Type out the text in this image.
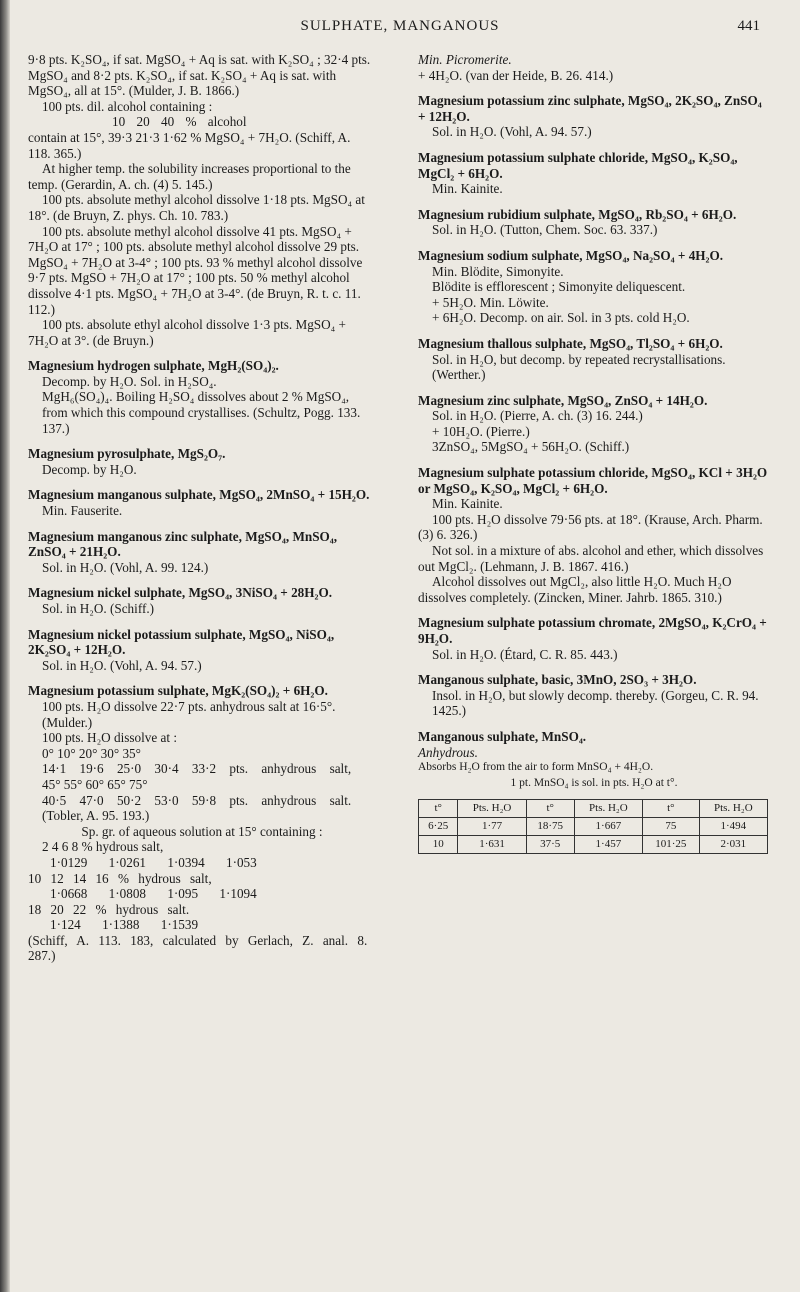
SULPHATE, MANGANOUS	441

9·8 pts. K₂SO₄, if sat. MgSO₄ + Aq is sat. with K₂SO₄ ; 32·4 pts. MgSO₄ and 8·2 pts. K₂SO₄, if sat. K₂SO₄ + Aq is sat. with MgSO₄, all at 15°. (Mulder, J. B. 1866.)

100 pts. dil. alcohol containing :

10 20 40 % alcohol

contain at 15°, 39·3 21·3 1·62 % MgSO₄ + 7H₂O. (Schiff, A. 118. 365.)

At higher temp. the solubility increases proportional to the temp. (Gerardin, A. ch. (4) 5. 145.)

100 pts. absolute methyl alcohol dissolve 1·18 pts. MgSO₄ at 18°. (de Bruyn, Z. phys. Ch. 10. 783.)

100 pts. absolute methyl alcohol dissolve 41 pts. MgSO₄ + 7H₂O at 17° ; 100 pts. absolute methyl alcohol dissolve 29 pts. MgSO₄ + 7H₂O at 3-4° ; 100 pts. 93 % methyl alcohol dissolve 9·7 pts. MgSO + 7H₂O at 17° ; 100 pts. 50 % methyl alcohol dissolve 4·1 pts. MgSO₄ + 7H₂O at 3-4°. (de Bruyn, R. t. c. 11. 112.)

100 pts. absolute ethyl alcohol dissolve 1·3 pts. MgSO₄ + 7H₂O at 3°. (de Bruyn.)

Magnesium hydrogen sulphate, MgH₂(SO₄)₂.

Decomp. by H₂O. Sol. in H₂SO₄.

MgH₆(SO₄)₄. Boiling H₂SO₄ dissolves about 2 % MgSO₄, from which this compound crystallises. (Schultz, Pogg. 133. 137.)

Magnesium pyrosulphate, MgS₂O₇.

Decomp. by H₂O.

Magnesium manganous sulphate, MgSO₄, 2MnSO₄ + 15H₂O.

Min. Fauserite.

Magnesium manganous zinc sulphate, MgSO₄, MnSO₄, ZnSO₄ + 21H₂O.

Sol. in H₂O. (Vohl, A. 99. 124.)

Magnesium nickel sulphate, MgSO₄, 3NiSO₄ + 28H₂O.

Sol. in H₂O. (Schiff.)

Magnesium nickel potassium sulphate, MgSO₄, NiSO₄, 2K₂SO₄ + 12H₂O.

Sol. in H₂O. (Vohl, A. 94. 57.)

Magnesium potassium sulphate, MgK₂(SO₄)₂ + 6H₂O.

100 pts. H₂O dissolve 22·7 pts. anhydrous salt at 16·5°. (Mulder.)

100 pts. H₂O dissolve at :

0° 10° 20° 30° 35°

14·1 19·6 25·0 30·4 33·2 pts. anhydrous salt,

45° 55° 60° 65° 75°

40·5 47·0 50·2 53·0 59·8 pts. anhydrous salt.

(Tobler, A. 95. 193.)

Sp. gr. of aqueous solution at 15° containing :

2 4 6 8 % hydrous salt,

1·0129 1·0261 1·0394 1·053

10 12 14 16 % hydrous salt,

1·0668 1·0808 1·095 1·1094

18 20 22 % hydrous salt.

1·124 1·1388 1·1539

(Schiff, A. 113. 183, calculated by Gerlach, Z. anal. 8. 287.)

Min. Picromerite.

+ 4H₂O. (van der Heide, B. 26. 414.)

Magnesium potassium zinc sulphate, MgSO₄, 2K₂SO₄, ZnSO₄ + 12H₂O.

Sol. in H₂O. (Vohl, A. 94. 57.)

Magnesium potassium sulphate chloride, MgSO₄, K₂SO₄, MgCl₂ + 6H₂O.

Min. Kainite.

Magnesium rubidium sulphate, MgSO₄, Rb₂SO₄ + 6H₂O.

Sol. in H₂O. (Tutton, Chem. Soc. 63. 337.)

Magnesium sodium sulphate, MgSO₄, Na₂SO₄ + 4H₂O.

Min. Blödite, Simonyite.

Blödite is efflorescent ; Simonyite deliquescent.

+ 5H₂O. Min. Löwite.

+ 6H₂O. Decomp. on air. Sol. in 3 pts. cold H₂O.

Magnesium thallous sulphate, MgSO₄, Tl₂SO₄ + 6H₂O.

Sol. in H₂O, but decomp. by repeated recrystallisations. (Werther.)

Magnesium zinc sulphate, MgSO₄, ZnSO₄ + 14H₂O.

Sol. in H₂O. (Pierre, A. ch. (3) 16. 244.)

+ 10H₂O. (Pierre.)

3ZnSO₄, 5MgSO₄ + 56H₂O. (Schiff.)

Magnesium sulphate potassium chloride, MgSO₄, KCl + 3H₂O or MgSO₄, K₂SO₄, MgCl₂ + 6H₂O.

Min. Kainite.

100 pts. H₂O dissolve 79·56 pts. at 18°. (Krause, Arch. Pharm. (3) 6. 326.)

Not sol. in a mixture of abs. alcohol and ether, which dissolves out MgCl₂. (Lehmann, J. B. 1867. 416.)

Alcohol dissolves out MgCl₂, also little H₂O. Much H₂O dissolves completely. (Zincken, Miner. Jahrb. 1865. 310.)

Magnesium sulphate potassium chromate, 2MgSO₄, K₂CrO₄ + 9H₂O.

Sol. in H₂O. (Étard, C. R. 85. 443.)

Manganous sulphate, basic, 3MnO, 2SO₃ + 3H₂O.

Insol. in H₂O, but slowly decomp. thereby. (Gorgeu, C. R. 94. 1425.)

Manganous sulphate, MnSO₄.

Anhydrous.

Absorbs H₂O from the air to form MnSO₄ + 4H₂O.

1 pt. MnSO₄ is sol. in pts. H₂O at t°.

t°	Pts. H₂O	t°	Pts. H₂O	t°	Pts. H₂O
6·25	1·77	18·75	1·667	75	1·494
10	1·631	37·5	1·457	101·25	2·031
